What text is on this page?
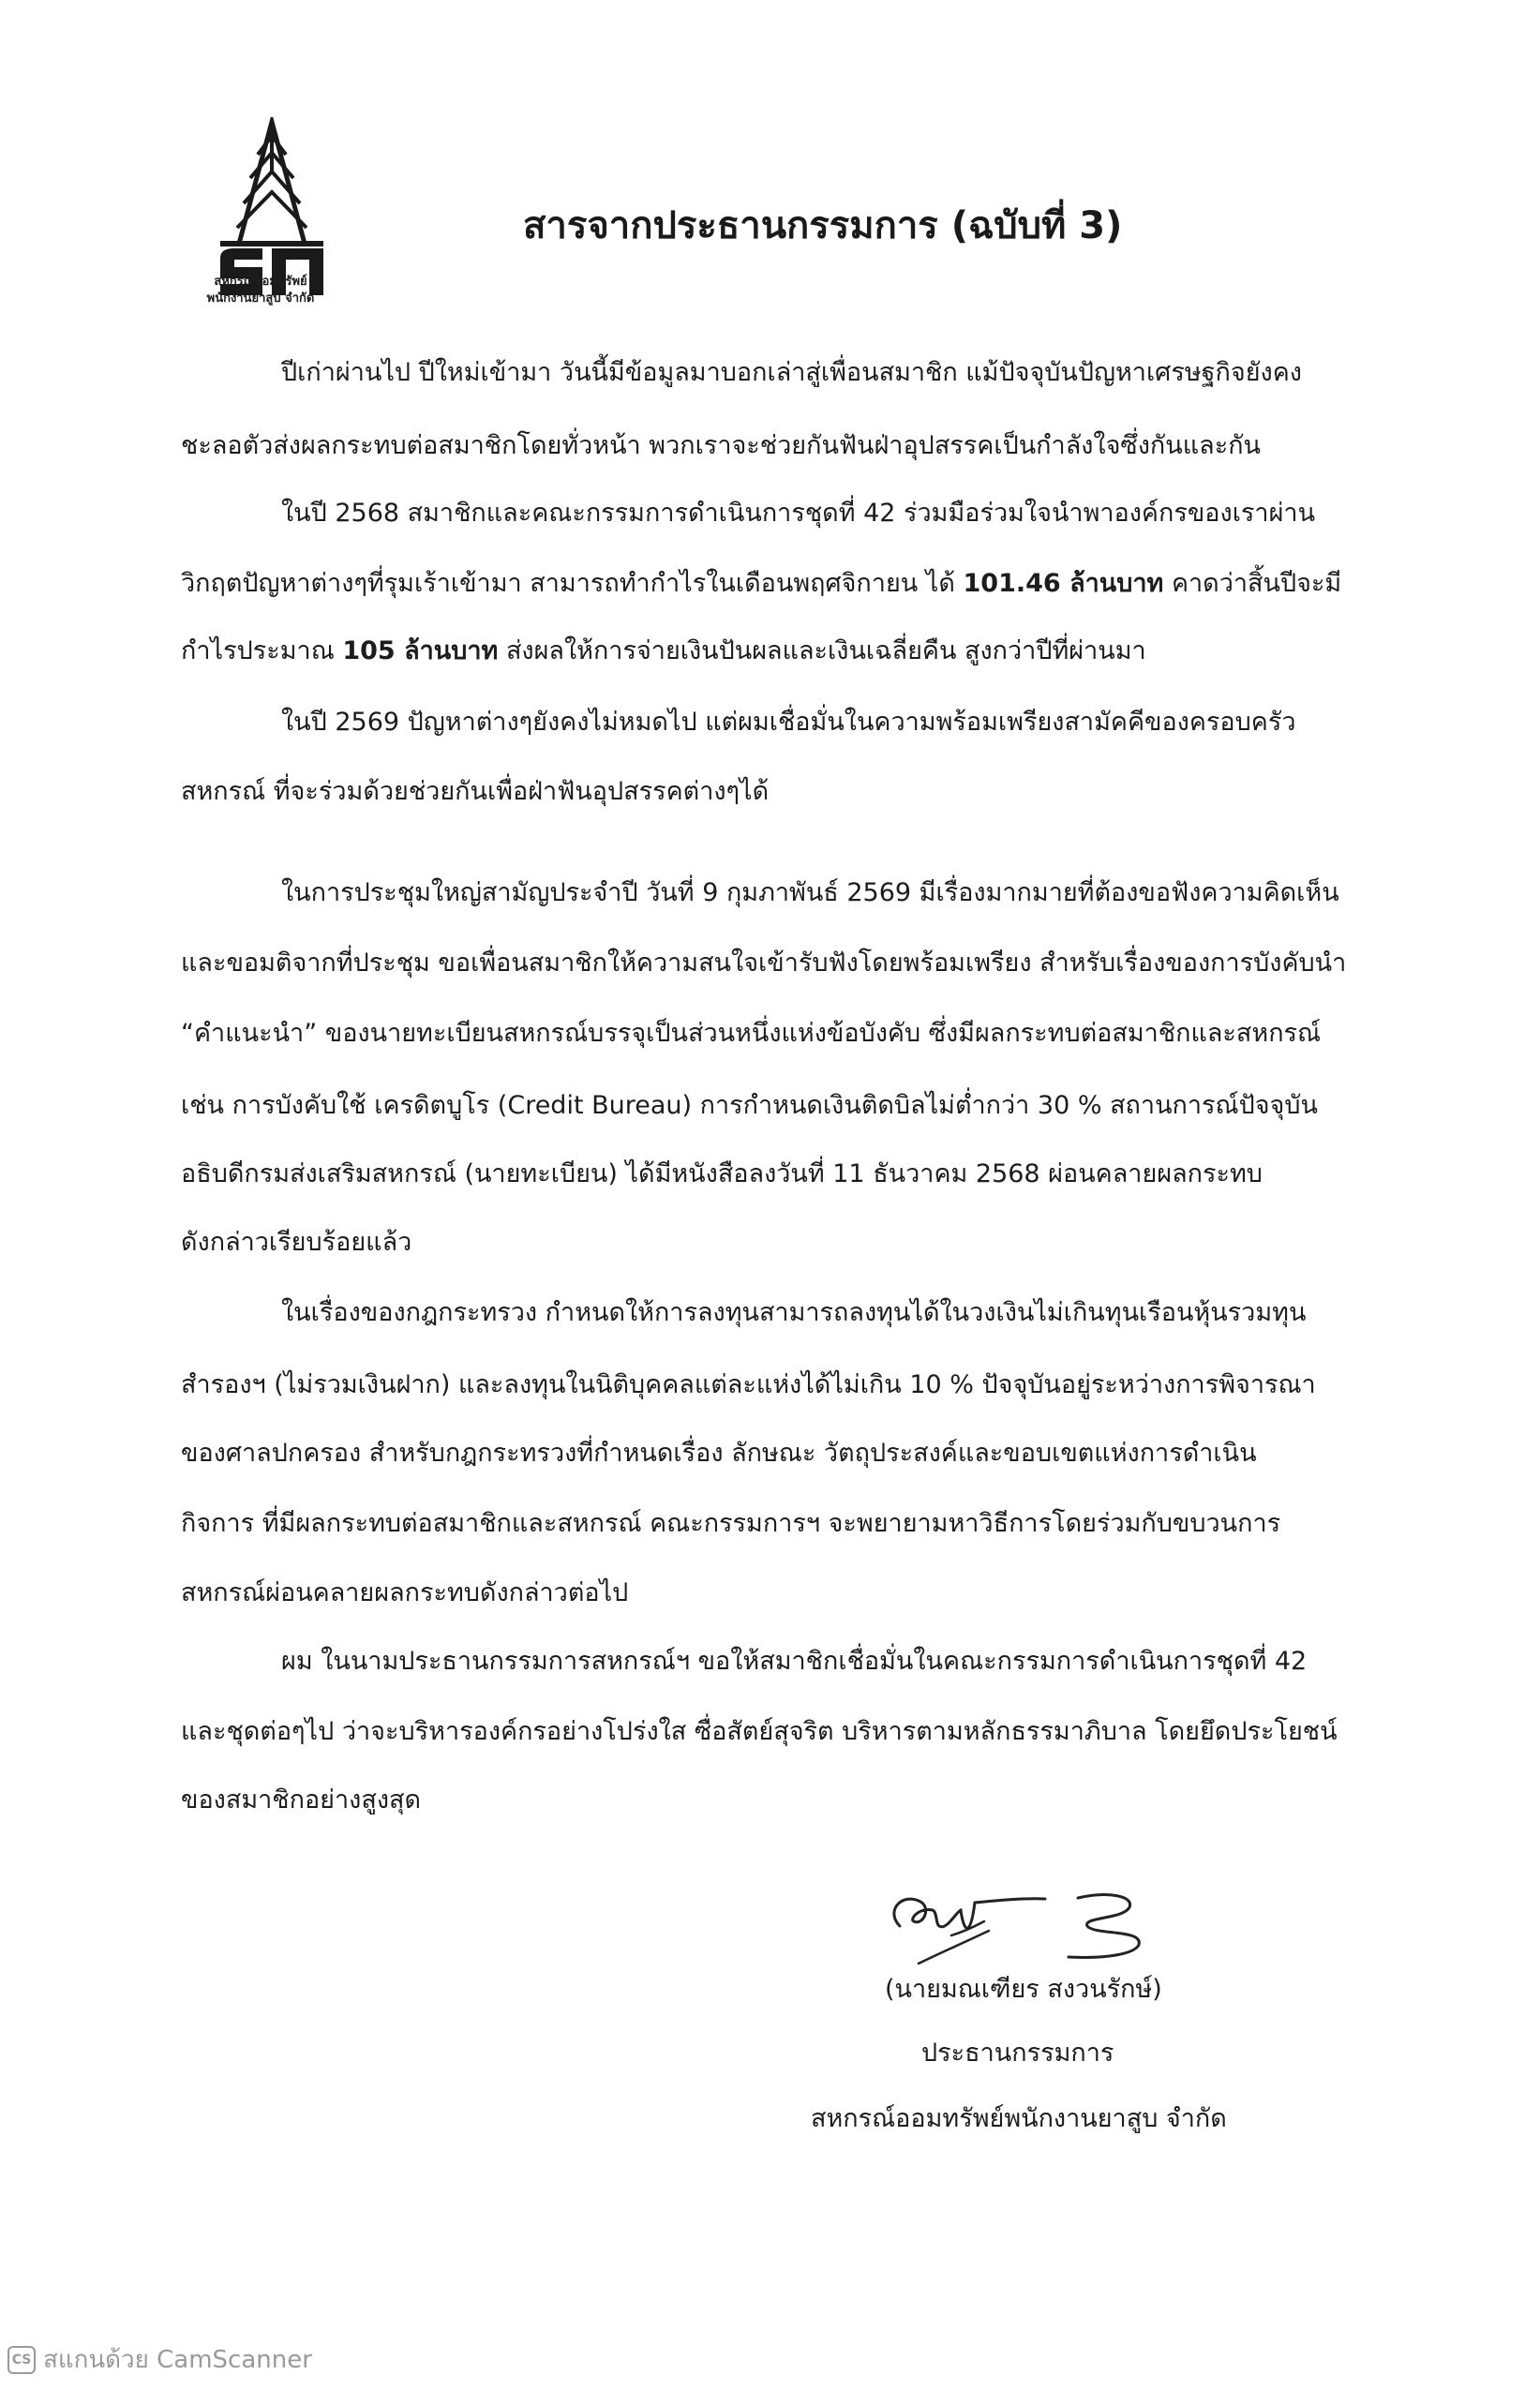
สหกรณ์ออมทรัพย์
พนักงานยาสูบ จำกัด
สารจากประธานกรรมการ (ฉบับที่ 3)
ปีเก่าผ่านไป ปีใหม่เข้ามา วันนี้มีข้อมูลมาบอกเล่าสู่เพื่อนสมาชิก แม้ปัจจุบันปัญหาเศรษฐกิจยังคง
ชะลอตัวส่งผลกระทบต่อสมาชิกโดยทั่วหน้า พวกเราจะช่วยกันฟันฝ่าอุปสรรคเป็นกำลังใจซึ่งกันและกัน
ในปี 2568 สมาชิกและคณะกรรมการดำเนินการชุดที่ 42 ร่วมมือร่วมใจนำพาองค์กรของเราผ่าน
วิกฤตปัญหาต่างๆที่รุมเร้าเข้ามา สามารถทำกำไรในเดือนพฤศจิกายน ได้ 101.46 ล้านบาท คาดว่าสิ้นปีจะมี
กำไรประมาณ 105 ล้านบาท ส่งผลให้การจ่ายเงินปันผลและเงินเฉลี่ยคืน สูงกว่าปีที่ผ่านมา
ในปี 2569 ปัญหาต่างๆยังคงไม่หมดไป แต่ผมเชื่อมั่นในความพร้อมเพรียงสามัคคีของครอบครัว
สหกรณ์ ที่จะร่วมด้วยช่วยกันเพื่อฝ่าฟันอุปสรรคต่างๆได้
ในการประชุมใหญ่สามัญประจำปี วันที่ 9 กุมภาพันธ์ 2569 มีเรื่องมากมายที่ต้องขอฟังความคิดเห็น
และขอมติจากที่ประชุม ขอเพื่อนสมาชิกให้ความสนใจเข้ารับฟังโดยพร้อมเพรียง สำหรับเรื่องของการบังคับนำ
“คำแนะนำ” ของนายทะเบียนสหกรณ์บรรจุเป็นส่วนหนึ่งแห่งข้อบังคับ ซึ่งมีผลกระทบต่อสมาชิกและสหกรณ์
เช่น การบังคับใช้ เครดิตบูโร (Credit Bureau) การกำหนดเงินติดบิลไม่ต่ำกว่า 30 % สถานการณ์ปัจจุบัน
อธิบดีกรมส่งเสริมสหกรณ์ (นายทะเบียน) ได้มีหนังสือลงวันที่ 11 ธันวาคม 2568 ผ่อนคลายผลกระทบ
ดังกล่าวเรียบร้อยแล้ว
ในเรื่องของกฎกระทรวง กำหนดให้การลงทุนสามารถลงทุนได้ในวงเงินไม่เกินทุนเรือนหุ้นรวมทุน
สำรองฯ (ไม่รวมเงินฝาก) และลงทุนในนิติบุคคลแต่ละแห่งได้ไม่เกิน 10 % ปัจจุบันอยู่ระหว่างการพิจารณา
ของศาลปกครอง สำหรับกฎกระทรวงที่กำหนดเรื่อง ลักษณะ วัตถุประสงค์และขอบเขตแห่งการดำเนิน
กิจการ ที่มีผลกระทบต่อสมาชิกและสหกรณ์ คณะกรรมการฯ จะพยายามหาวิธีการโดยร่วมกับขบวนการ
สหกรณ์ผ่อนคลายผลกระทบดังกล่าวต่อไป
ผม ในนามประธานกรรมการสหกรณ์ฯ ขอให้สมาชิกเชื่อมั่นในคณะกรรมการดำเนินการชุดที่ 42
และชุดต่อๆไป ว่าจะบริหารองค์กรอย่างโปร่งใส ซื่อสัตย์สุจริต บริหารตามหลักธรรมาภิบาล โดยยึดประโยชน์
ของสมาชิกอย่างสูงสุด
(นายมณเฑียร สงวนรักษ์)
ประธานกรรมการ
สหกรณ์ออมทรัพย์พนักงานยาสูบ จำกัด
CS สแกนด้วย CamScanner
